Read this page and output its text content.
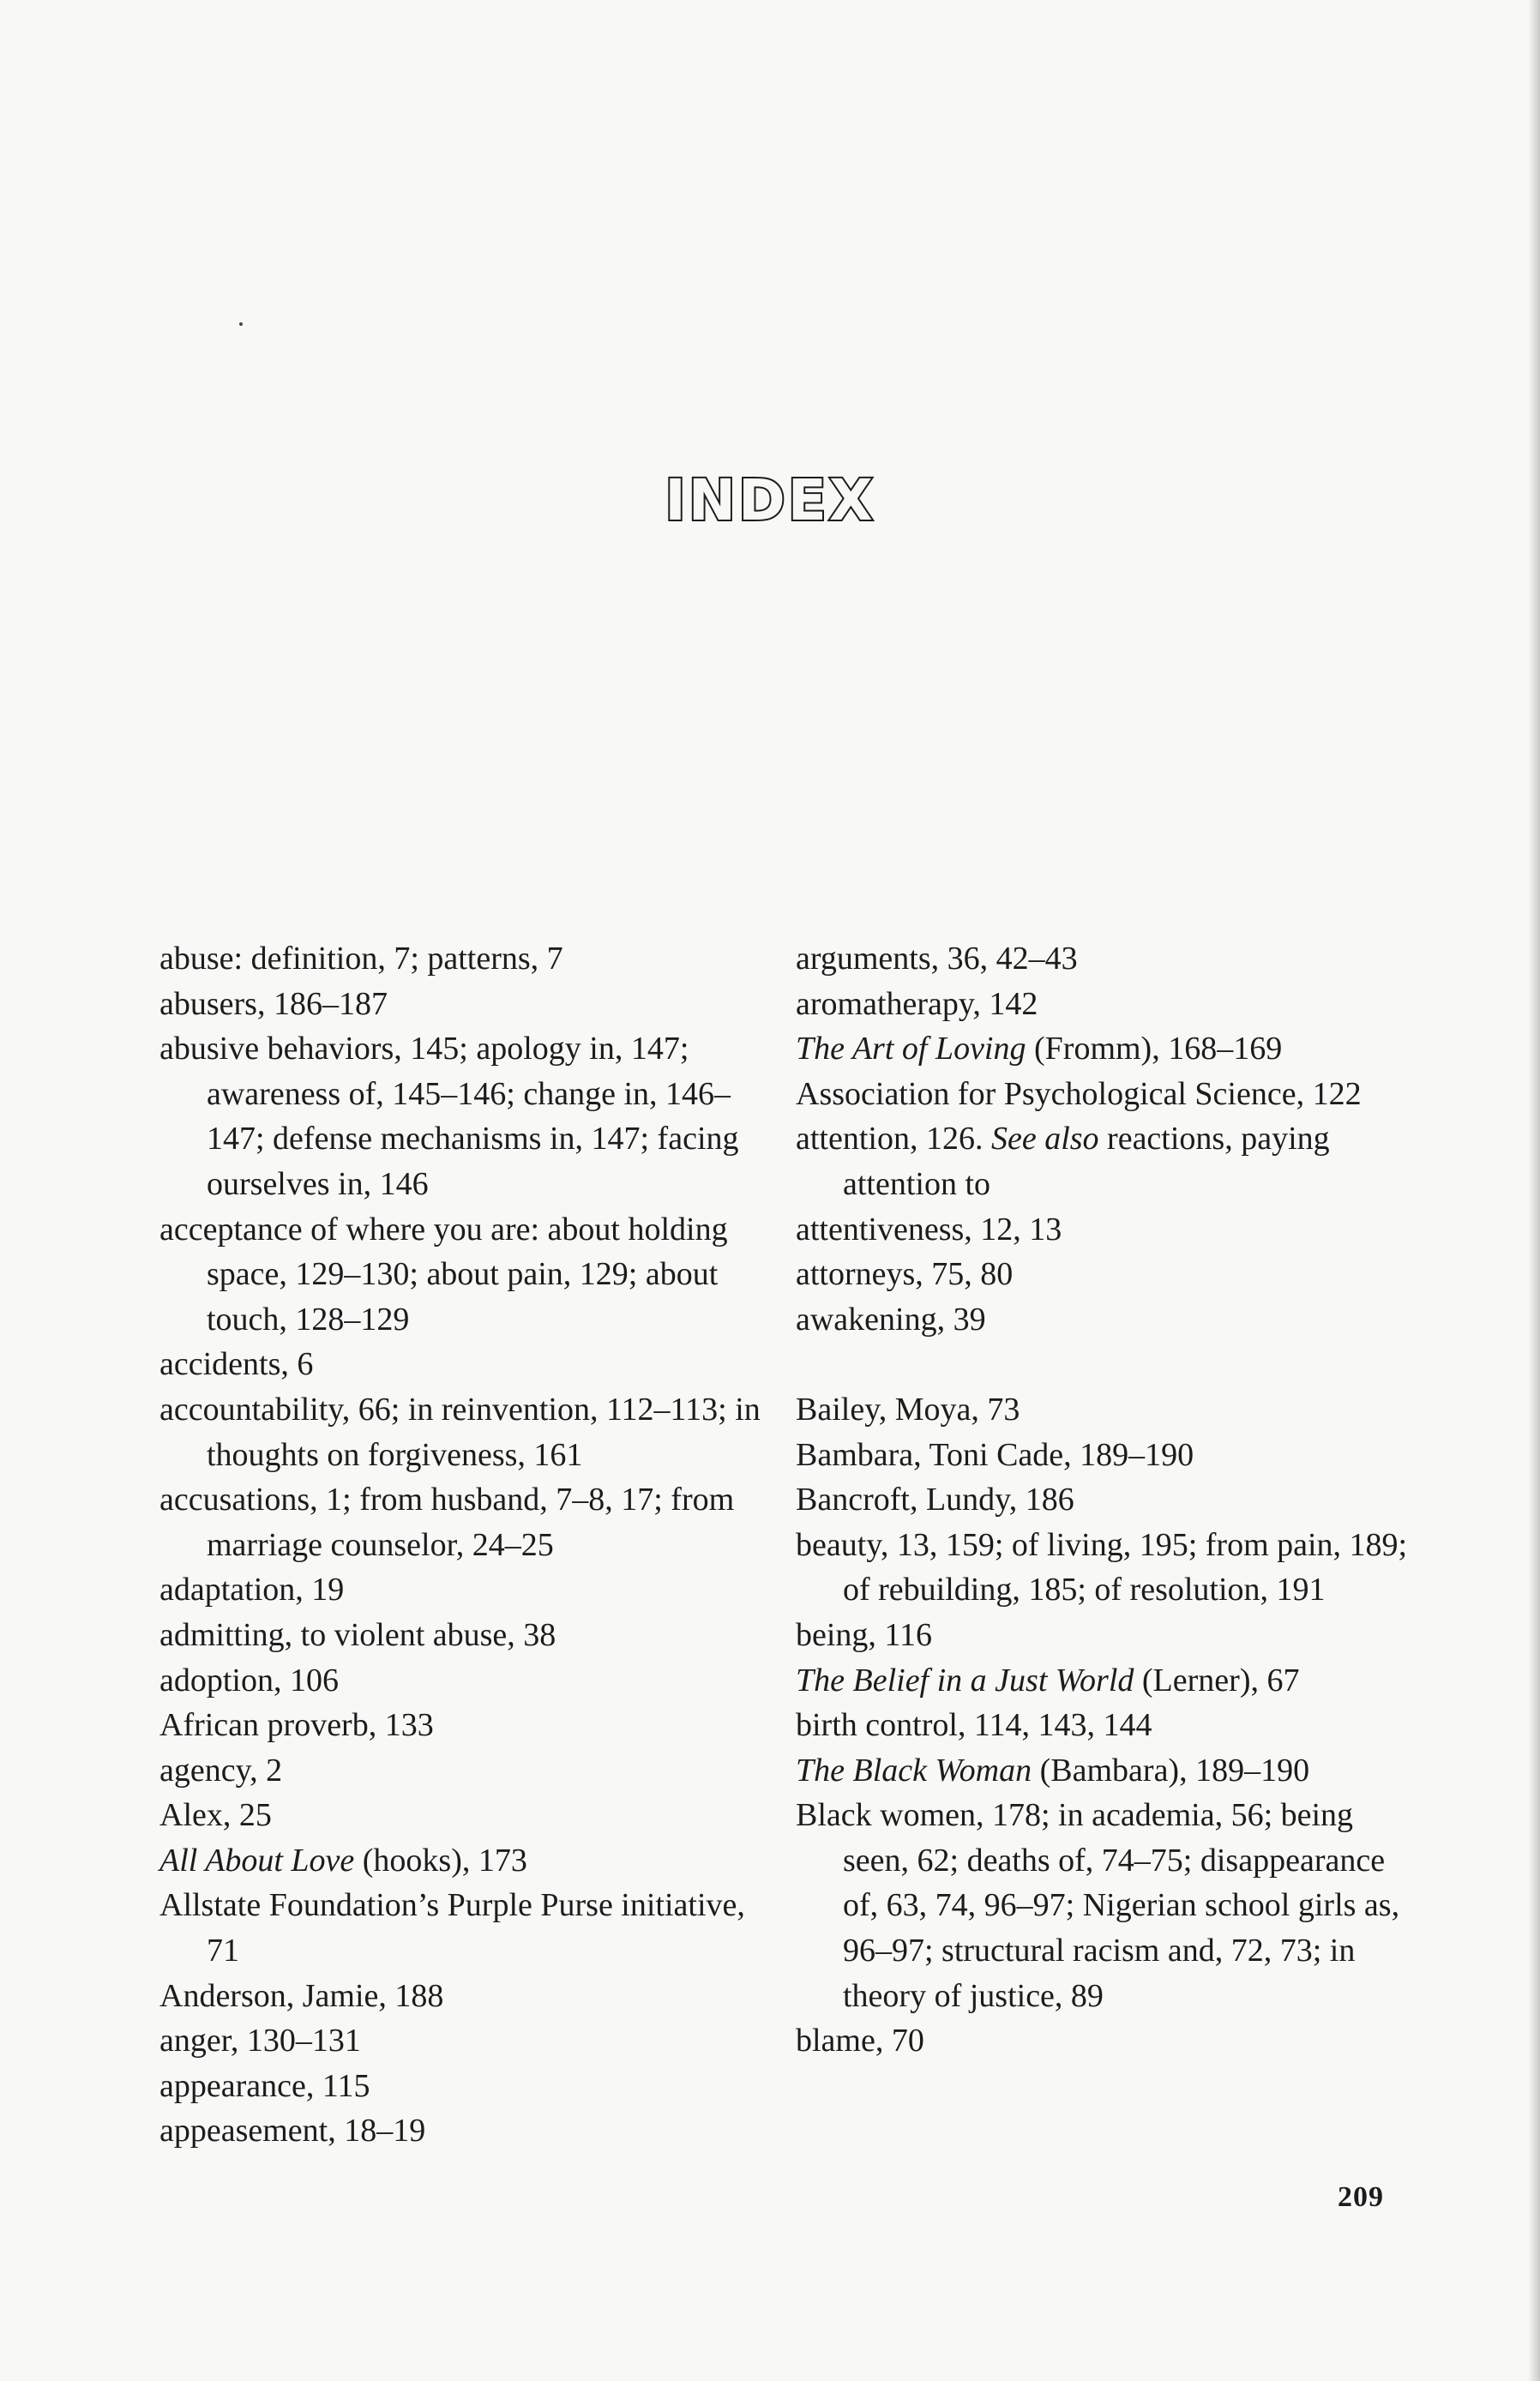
INDEX
abuse: definition, 7; patterns, 7
abusers, 186–187
abusive behaviors, 145; apology in, 147; awareness of, 145–146; change in, 146–147; defense mechanisms in, 147; facing ourselves in, 146
acceptance of where you are: about holding space, 129–130; about pain, 129; about touch, 128–129
accidents, 6
accountability, 66; in reinvention, 112–113; in thoughts on forgiveness, 161
accusations, 1; from husband, 7–8, 17; from marriage counselor, 24–25
adaptation, 19
admitting, to violent abuse, 38
adoption, 106
African proverb, 133
agency, 2
Alex, 25
All About Love (hooks), 173
Allstate Foundation’s Purple Purse initiative, 71
Anderson, Jamie, 188
anger, 130–131
appearance, 115
appeasement, 18–19
arguments, 36, 42–43
aromatherapy, 142
The Art of Loving (Fromm), 168–169
Association for Psychological Science, 122
attention, 126. See also reactions, paying attention to
attentiveness, 12, 13
attorneys, 75, 80
awakening, 39
Bailey, Moya, 73
Bambara, Toni Cade, 189–190
Bancroft, Lundy, 186
beauty, 13, 159; of living, 195; from pain, 189; of rebuilding, 185; of resolution, 191
being, 116
The Belief in a Just World (Lerner), 67
birth control, 114, 143, 144
The Black Woman (Bambara), 189–190
Black women, 178; in academia, 56; being seen, 62; deaths of, 74–75; disappearance of, 63, 74, 96–97; Nigerian school girls as, 96–97; structural racism and, 72, 73; in theory of justice, 89
blame, 70
209
